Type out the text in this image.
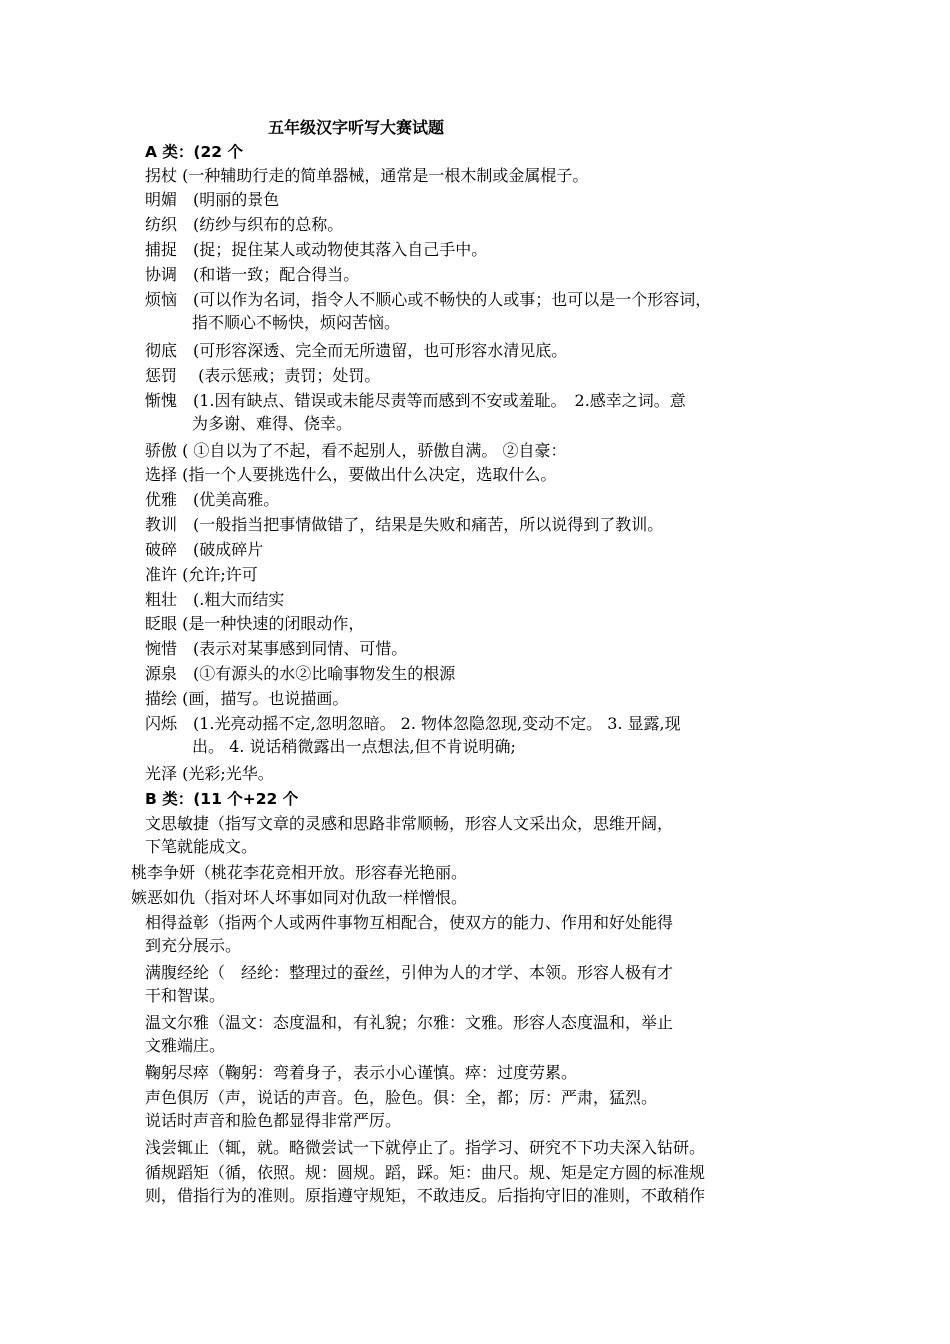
五年级汉字听写大赛试题
A 类：(22 个
拐杖 (一种辅助行走的简单器械，通常是一根木制或金属棍子。
明媚　(明丽的景色
纺织　(纺纱与织布的总称。
捕捉　(捉；捉住某人或动物使其落入自己手中。
协调　(和谐一致；配合得当。
烦恼　(可以作为名词，指令人不顺心或不畅快的人或事；也可以是一个形容词，
指不顺心不畅快，烦闷苦恼。
彻底　(可形容深透、完全而无所遗留，也可形容水清见底。
惩罚　 (表示惩戒；责罚；处罚。
惭愧　(1.因有缺点、错误或未能尽责等而感到不安或羞耻。　2.感幸之词。意
为多谢、难得、侥幸。
骄傲 ( ①自以为了不起，看不起别人，骄傲自满。 ②自豪：
选择 (指一个人要挑选什么，要做出什么决定，选取什么。
优雅　(优美高雅。
教训　(一般指当把事情做错了，结果是失败和痛苦，所以说得到了教训。
破碎　(破成碎片
准许 (允许;许可
粗壮　(.粗大而结实
眨眼 (是一种快速的闭眼动作，
惋惜　(表示对某事感到同情、可惜。
源泉　(①有源头的水②比喻事物发生的根源
描绘 (画，描写。也说描画。
闪烁　(1.光亮动摇不定,忽明忽暗。 2. 物体忽隐忽现,变动不定。 3. 显露,现
出。 4. 说话稍微露出一点想法,但不肯说明确;
光泽 (光彩;光华。
B 类：(11 个+22 个
文思敏捷（指写文章的灵感和思路非常顺畅，形容人文采出众，思维开阔，
下笔就能成文。
桃李争妍（桃花李花竞相开放。形容春光艳丽。
嫉恶如仇（指对坏人坏事如同对仇敌一样憎恨。
相得益彰（指两个人或两件事物互相配合，使双方的能力、作用和好处能得
到充分展示。
满腹经纶（　经纶：整理过的蚕丝，引伸为人的才学、本领。形容人极有才
干和智谋。
温文尔雅（温文：态度温和，有礼貌；尔雅：文雅。形容人态度温和，举止
文雅端庄。
鞠躬尽瘁（鞠躬：弯着身子，表示小心谨慎。瘁：过度劳累。
声色俱厉（声，说话的声音。色，脸色。俱：全，都；厉：严肃，猛烈。
说话时声音和脸色都显得非常严厉。
浅尝辄止（辄，就。略微尝试一下就停止了。指学习、研究不下功夫深入钻研。
循规蹈矩（循，依照。规：圆规。蹈，踩。矩：曲尺。规、矩是定方圆的标准规
则，借指行为的准则。原指遵守规矩，不敢违反。后指拘守旧的准则，不敢稍作
